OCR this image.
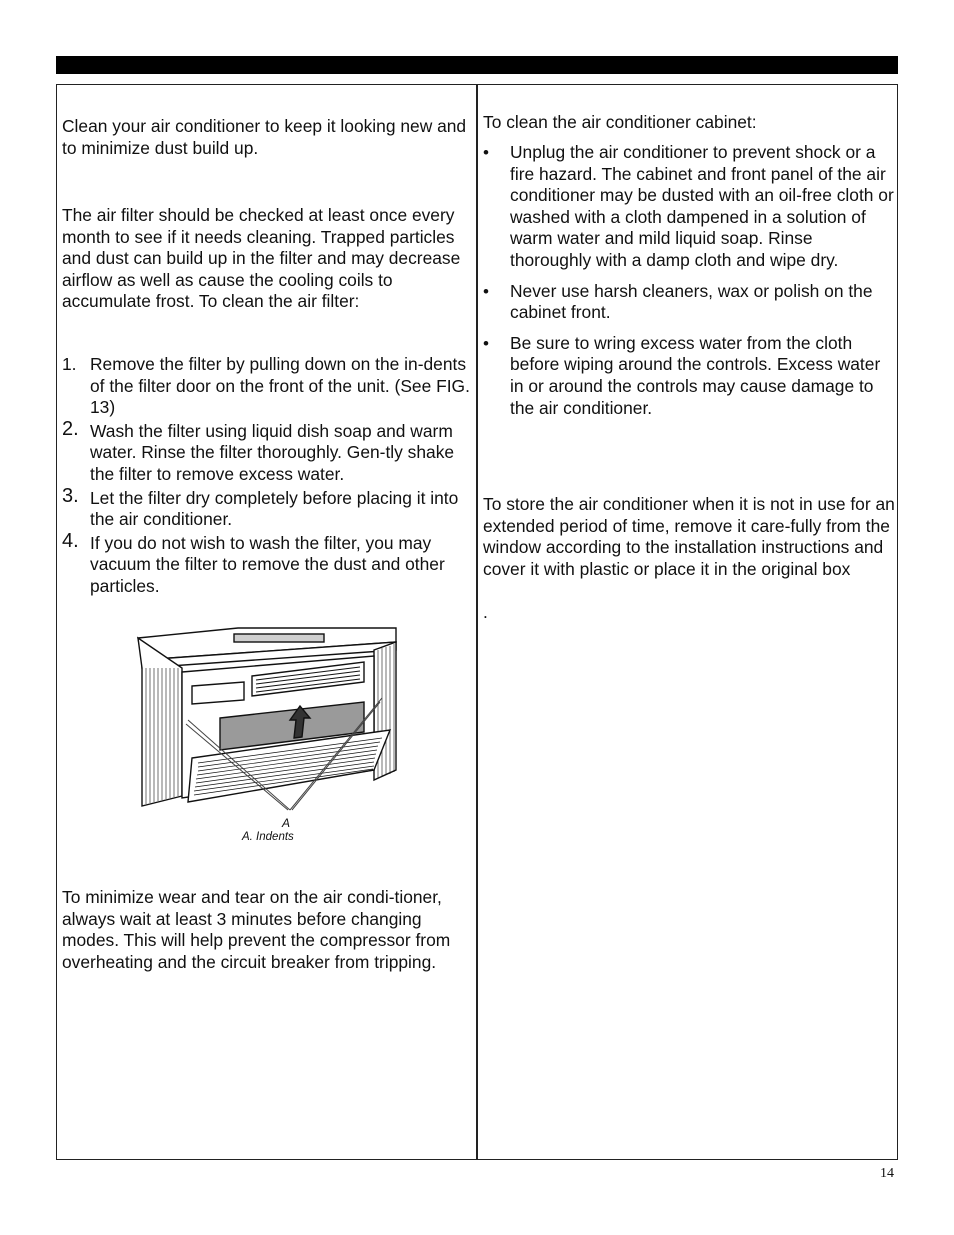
Clean your air conditioner to keep it looking new and to minimize dust build up.

The air filter should be checked at least once every month to see if it needs cleaning. Trapped particles and dust can build up in the filter and may decrease airflow as well as cause the cooling coils to accumulate frost. To clean the air filter:

1. Remove the filter by pulling down on the in-dents of the filter door on the front of the unit. (See FIG. 13)
2. Wash the filter using liquid dish soap and warm water. Rinse the filter thoroughly. Gen-tly shake the filter to remove excess water.
3. Let the filter dry completely before placing it into the air conditioner.
4. If you do not wish to wash the filter, you may vacuum the filter to remove the dust and other particles.
A
A. Indents

To minimize wear and tear on the air condi-tioner, always wait at least 3 minutes before changing modes. This will help prevent the compressor from overheating and the circuit breaker from tripping.

To clean the air conditioner cabinet:

• Unplug the air conditioner to prevent shock or a fire hazard. The cabinet and front panel of the air conditioner may be dusted with an oil-free cloth or washed with a cloth dampened in a solution of warm water and mild liquid soap. Rinse thoroughly with a damp cloth and wipe dry.
• Never use harsh cleaners, wax or polish on the cabinet front.
• Be sure to wring excess water from the cloth before wiping around the controls. Excess water in or around the controls may cause damage to the air conditioner.

To store the air conditioner when it is not in use for an extended period of time, remove it care-fully from the window according to the installation instructions and cover it with plastic or place it in the original box

.

14
